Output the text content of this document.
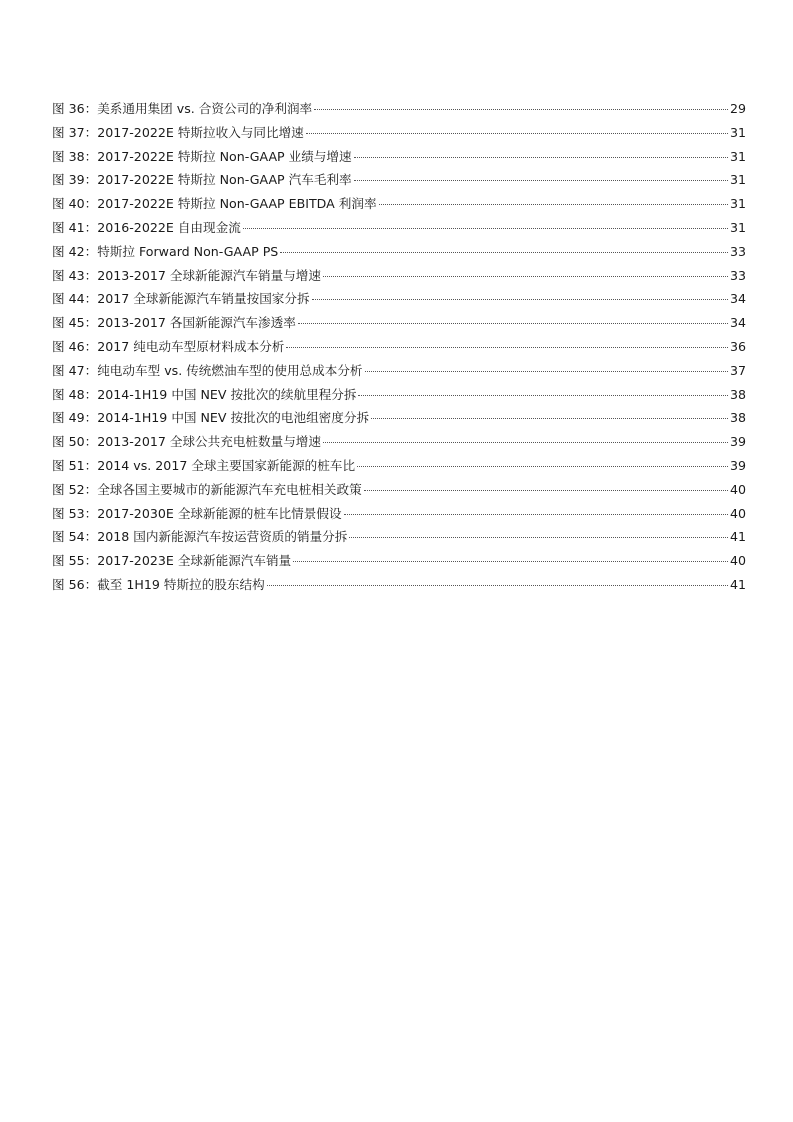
图 36：美系通用集团 vs. 合资公司的净利润率	29
图 37：2017-2022E 特斯拉收入与同比增速	31
图 38：2017-2022E 特斯拉 Non-GAAP 业绩与增速	31
图 39：2017-2022E 特斯拉 Non-GAAP 汽车毛利率	31
图 40：2017-2022E 特斯拉 Non-GAAP EBITDA 利润率	31
图 41：2016-2022E 自由现金流	31
图 42：特斯拉 Forward Non-GAAP PS	33
图 43：2013-2017 全球新能源汽车销量与增速	33
图 44：2017 全球新能源汽车销量按国家分拆	34
图 45：2013-2017 各国新能源汽车渗透率	34
图 46：2017 纯电动车型原材料成本分析	36
图 47：纯电动车型 vs. 传统燃油车型的使用总成本分析	37
图 48：2014-1H19 中国 NEV 按批次的续航里程分拆	38
图 49：2014-1H19 中国 NEV 按批次的电池组密度分拆	38
图 50：2013-2017 全球公共充电桩数量与增速	39
图 51：2014 vs. 2017 全球主要国家新能源的桩车比	39
图 52：全球各国主要城市的新能源汽车充电桩相关政策	40
图 53：2017-2030E 全球新能源的桩车比情景假设	40
图 54：2018 国内新能源汽车按运营资质的销量分拆	41
图 55：2017-2023E 全球新能源汽车销量	40
图 56：截至 1H19 特斯拉的股东结构	41
